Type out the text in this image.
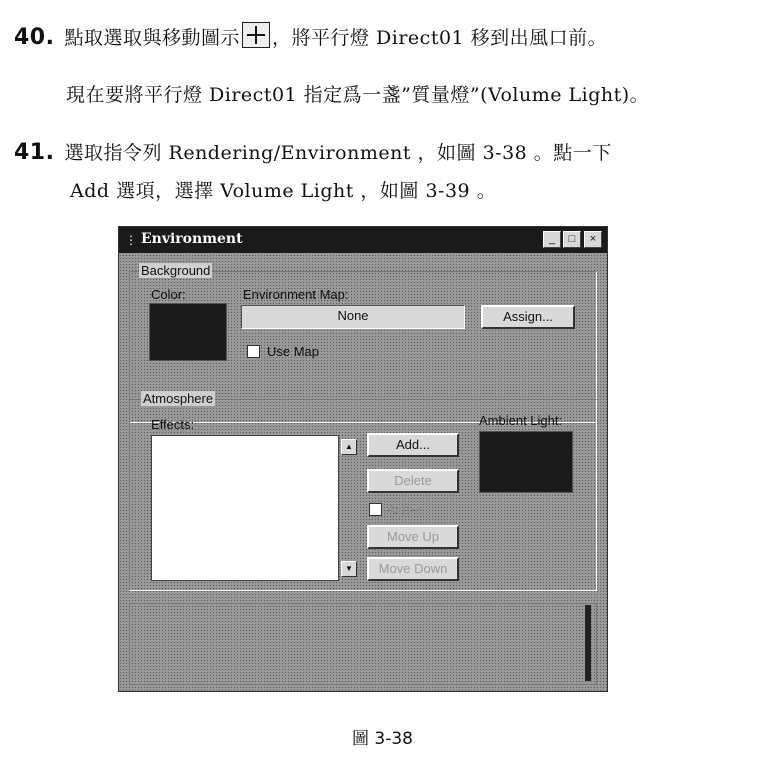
40. 點取選取與移動圖示 ，將平行燈 Direct01 移到出風口前。
現在要將平行燈 Direct01 指定爲一盞”質量燈”(Volume Light)。
41. 選取指令列 Rendering/Environment ，如圖 3-38 。點一下
Add 選項，選擇 Volume Light ，如圖 3-39 。
⋮ Environment	_	□	×
Background
Color:	Environment Map:
None	Assign...
Use Map
Atmosphere
Effects:
▲
▼
Add...
Delete
Active
Move Up
Move Down
Ambient Light:
圖 3-38
